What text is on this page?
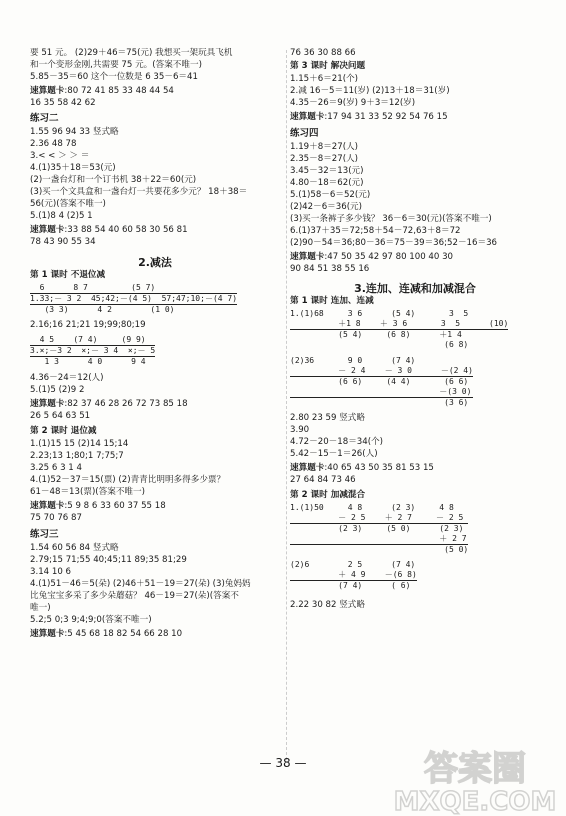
要 51 元。 (2)29＋46＝75(元) 我想买一架玩具飞机
和一个变形金刚,共需要 75 元。(答案不唯一)
5.85－35＝60 这个一位数是 6 35－6＝41
速算题卡:80 72 41 85 33 48 44 54
16 35 58 42 62
练习二
1.55 96 94 33 竖式略
2.36 48 78
3.< < ＞ ＞ ＝
4.(1)35＋18＝53(元)
(2)一盏台灯和一个订书机 38＋22＝60(元)
(3)买一个文具盒和一盏台灯一共要花多少元？ 18＋38＝
56(元)(答案不唯一)
5.(1)8 4 (2)5 1
速算题卡:33 88 54 40 60 58 30 56 81
78 43 90 55 34
2.减法
第 1 课时 不退位减
6      8 7         (5 7)
1.33;－ 3 2  45;42;－(4 5)  57;47;10;－(4 7)
(3 3)      4 2        (1 0)
2.16;16 21;21 19;99;80;19
4 5    (7 4)     (9 9)
3.×;－3 2  ×;－ 3 4  ×;－ 5
1 3      4 0      9 4
4.36－24＝12(人)
5.(1)5 (2)9 2
速算题卡:82 37 46 28 26 72 73 85 18
26 5 64 63 51
第 2 课时 退位减
1.(1)15 15 (2)14 15;14
2.23;13 1;80;1 7;75;7
3.25 6 3 1 4
4.(1)52－37＝15(票) (2)青青比明明多得多少票？
61－48＝13(票)(答案不唯一)
速算题卡:5 9 8 6 33 60 37 55 18
75 70 76 87
练习三
1.54 60 56 84 竖式略
2.79;15 71;55 40;45;11 89;35 81;29
3.14 10 6
4.(1)51－46＝5(朵) (2)46＋51－19＝27(朵) (3)兔妈妈
比兔宝宝多采了多少朵蘑菇？ 46－19＝27(朵)(答案不
唯一)
5.2;5 0;3 9;4;9;0(答案不唯一)
速算题卡:5 45 68 18 82 54 66 28 10
76 36 30 88 66
第 3 课时 解决问题
1.15＋6＝21(个)
2.减 16－5＝11(岁) (2)13＋18＝31(岁)
4.35－26＝9(岁) 9＋3＝12(岁)
速算题卡:17 94 31 33 52 92 54 76 15
练习四
1.19＋8＝27(人)
2.35－8＝27(人)
3.45－32＝13(元)
4.80－18＝62(元)
5.(1)58－6＝52(元)
(2)42－6＝36(元)
(3)买一条裤子多少钱？ 36－6＝30(元)(答案不唯一)
6.(1)37＋35＝72;58＋54－72,63＋8＝72
(2)90－54＝36;80－36＝75－39＝36;52－16＝36
速算题卡:47 50 35 42 97 80 100 40 30
90 84 51 38 55 16
3.连加、连减和加减混合
第 1 课时 连加、连减
1.(1)68     3 6      (5 4)       3  5
＋1 8    ＋ 3 6       3  5      (10)
(5 4)     (6 8)      ＋1 4
(6 8)
(2)36       9 0      (7 4)
－ 2 4    － 3 0      －(2 4)
(6 6)     (4 4)       (6 6)
－(3 0)
(3 6)
2.80 23 59 竖式略
3.90
4.72－20－18＝34(个)
5.42－15－1＝26(人)
速算题卡:40 65 43 50 35 81 53 15
27 64 84 73 46
第 2 课时 加减混合
1.(1)50     4 8      (2 3)     4 8
－ 2 5    ＋ 2 7     － 2 5
(2 3)     (5 0)      (2 3)
＋ 2 7
(5 0)
(2)6        2 5      (7 4)
＋ 4 9    －(6 8)
(7 4)      ( 6)
2.22 30 82 竖式略
— 38 —	答案圈
MXQE.COM
